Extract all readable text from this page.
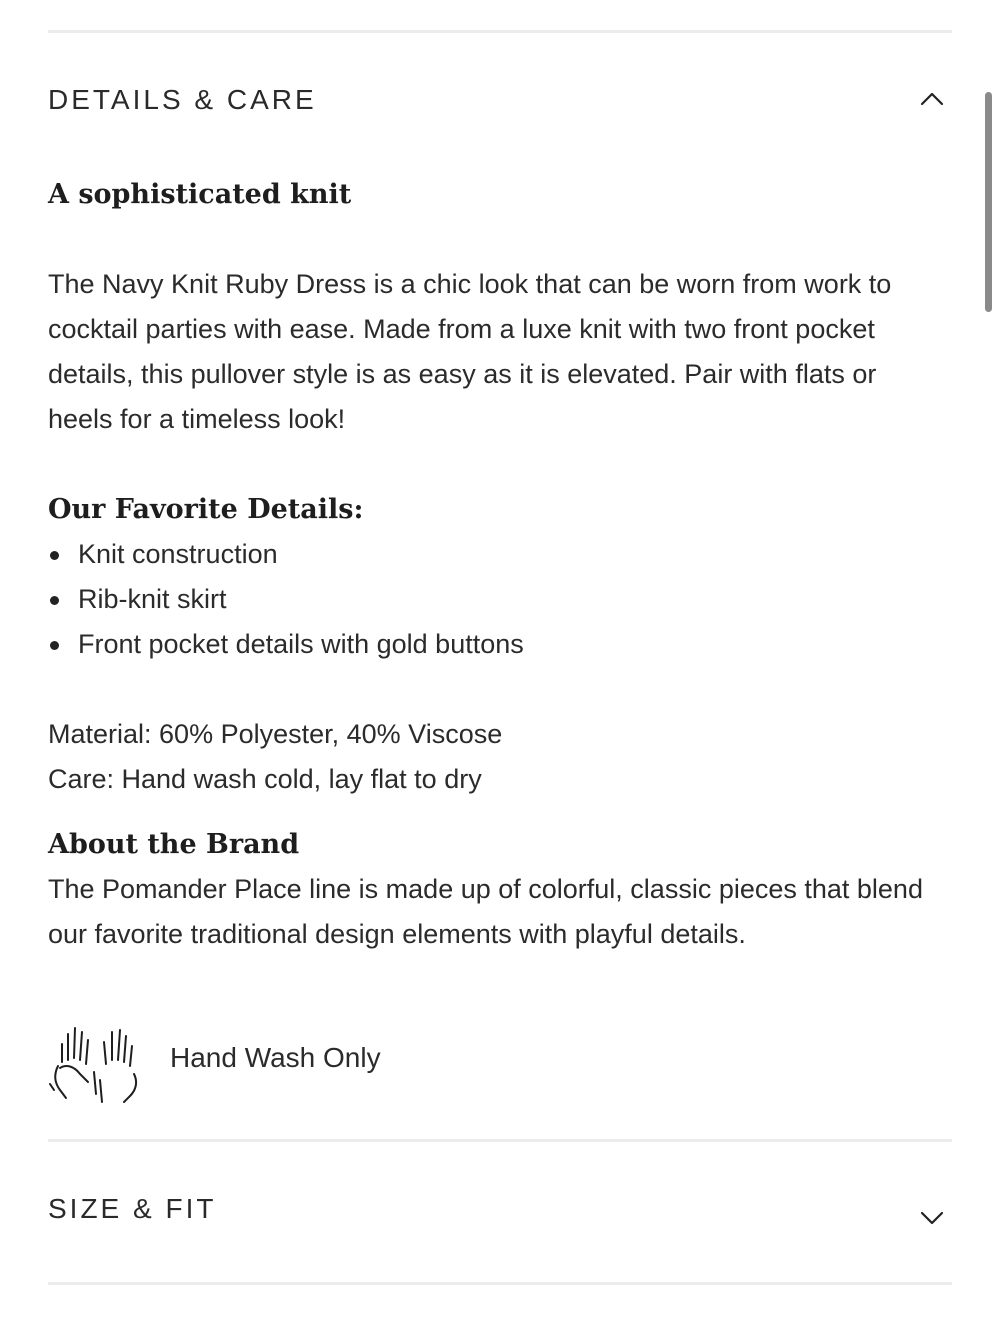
DETAILS & CARE
A sophisticated knit

The Navy Knit Ruby Dress is a chic look that can be worn from work to cocktail parties with ease. Made from a luxe knit with two front pocket details, this pullover style is as easy as it is elevated. Pair with flats or heels for a timeless look!

Our Favorite Details:
Knit construction
Rib-knit skirt
Front pocket details with gold buttons

Material: 60% Polyester, 40% Viscose

Care: Hand wash cold, lay flat to dry

About the Brand

The Pomander Place line is made up of colorful, classic pieces that blend our favorite traditional design elements with playful details.

Hand Wash Only
SIZE & FIT
